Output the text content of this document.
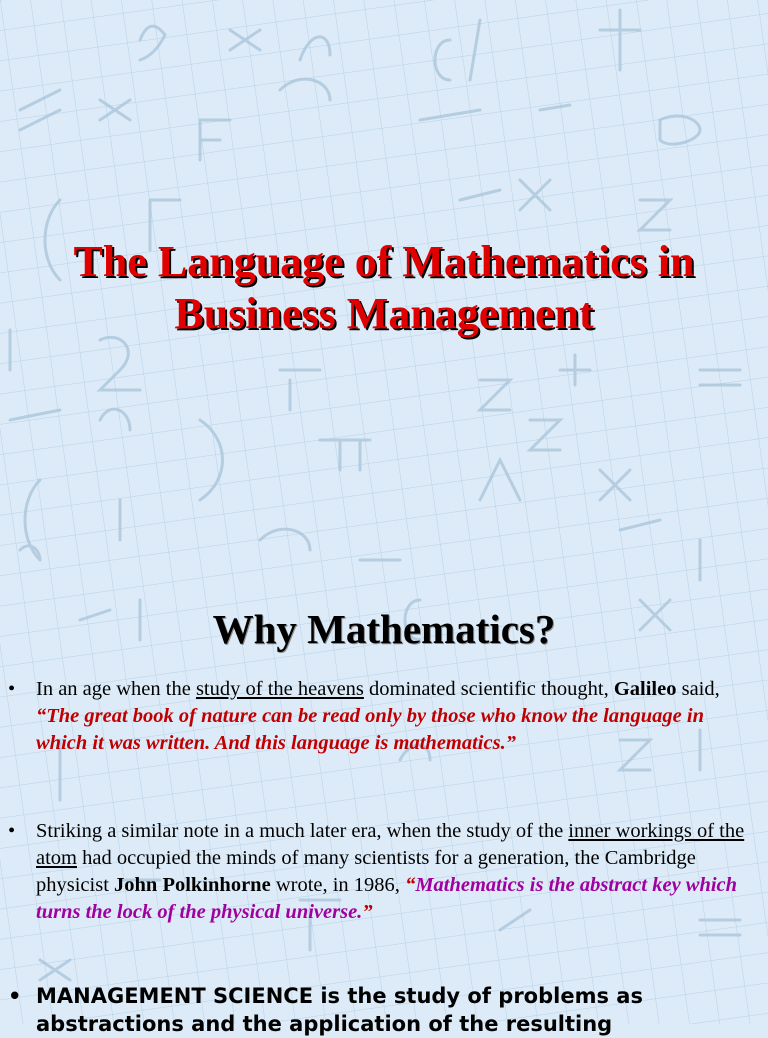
The Language of Mathematics in
Business Management
Why Mathematics?
• In an age when the study of the heavens dominated scientific thought, Galileo said, “The great book of nature can be read only by those who know the language in which it was written. And this language is mathematics.”
• Striking a similar note in a much later era, when the study of the inner workings of the atom had occupied the minds of many scientists for a generation, the Cambridge physicist John Polkinhorne wrote, in 1986, “Mathematics is the abstract key which turns the lock of the physical universe.”
• MANAGEMENT SCIENCE is the study of problems as abstractions and the application of the resulting
